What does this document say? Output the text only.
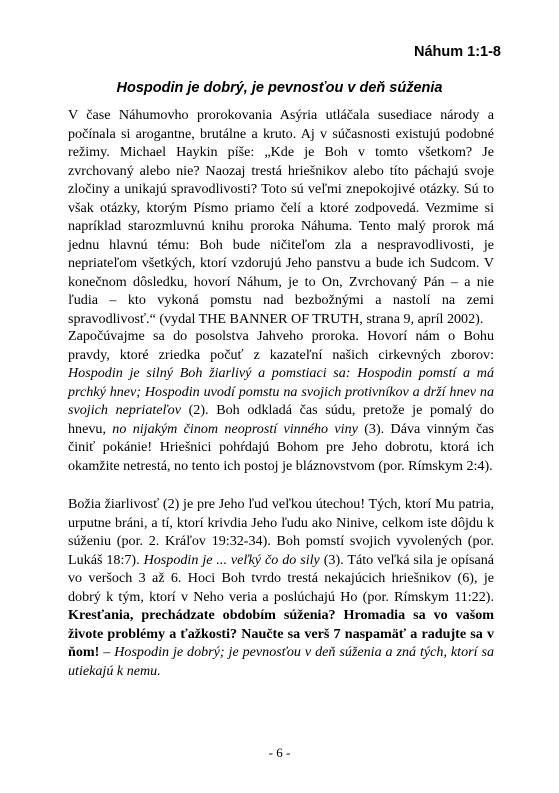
Náhum 1:1-8
Hospodin je dobrý, je pevnosťou v deň súženia

V čase Náhumovho prorokovania Asýria utláčala susediace národy a počínala si arogantne, brutálne a kruto. Aj v súčasnosti existujú podobné režimy. Michael Haykin píše: „Kde je Boh v tomto všetkom? Je zvrchovaný alebo nie? Naozaj trestá hriešnikov alebo títo páchajú svoje zločiny a unikajú spravodlivosti? Toto sú veľmi znepokojivé otázky. Sú to však otázky, ktorým Písmo priamo čelí a ktoré zodpovedá. Vezmime si napríklad starozmluvnú knihu proroka Náhuma. Tento malý prorok má jednu hlavnú tému: Boh bude ničiteľom zla a nespravodlivosti, je nepriateľom všetkých, ktorí vzdorujú Jeho panstvu a bude ich Sudcom. V konečnom dôsledku, hovorí Náhum, je to On, Zvrchovaný Pán – a nie ľudia – kto vykoná pomstu nad bezbožnými a nastolí na zemi spravodlivosť.“ (vydal THE BANNER OF TRUTH, strana 9, apríl 2002).

Započúvajme sa do posolstva Jahveho proroka. Hovorí nám o Bohu pravdy, ktoré zriedka počuť z kazateľní našich cirkevných zborov: Hospodin je silný Boh žiarlivý a pomstiaci sa: Hospodin pomstí a má prchký hnev; Hospodin uvodí pomstu na svojich protivníkov a drží hnev na svojich nepriateľov (2). Boh odkladá čas súdu, pretože je pomalý do hnevu, no nijakým činom neoprostí vinného viny (3). Dáva vinným čas činiť pokánie! Hriešnici pohŕdajú Bohom pre Jeho dobrotu, ktorá ich okamžite netrestá, no tento ich postoj je bláznovstvom (por. Rímskym 2:4).

Božia žiarlivosť (2) je pre Jeho ľud veľkou útechou! Tých, ktorí Mu patria, urputne bráni, a tí, ktorí krivdia Jeho ľudu ako Ninive, celkom iste dôjdu k súženiu (por. 2. Kráľov 19:32-34). Boh pomstí svojich vyvolených (por. Lukáš 18:7). Hospodin je ... veľký čo do sily (3). Táto veľká sila je opísaná vo veršoch 3 až 6. Hoci Boh tvrdo trestá nekajúcich hriešnikov (6), je dobrý k tým, ktorí v Neho veria a poslúchajú Ho (por. Rímskym 11:22). Kresťania, prechádzate obdobím súženia? Hromadia sa vo vašom živote problémy a ťažkosti? Naučte sa verš 7 naspamäť a radujte sa v ňom! – Hospodin je dobrý; je pevnosťou v deň súženia a zná tých, ktorí sa utiekajú k nemu.

- 6 -
